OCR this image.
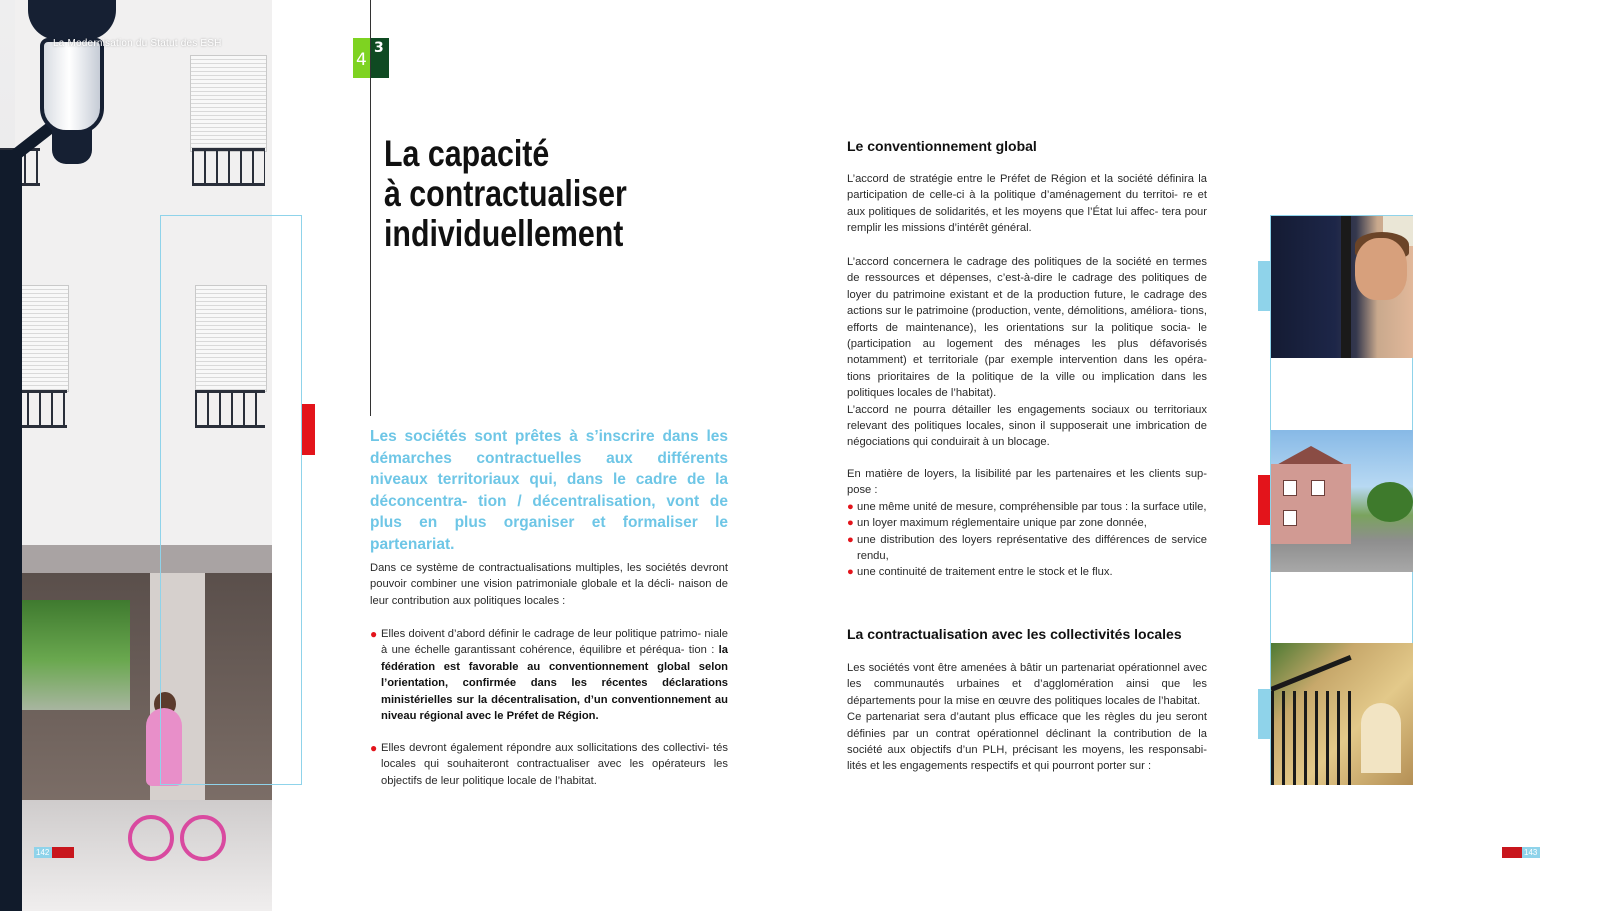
La Modernisation du Statut des ESH
4
3
La capacité
à contractualiser
individuellement

Les sociétés sont prêtes à s’inscrire dans les démarches contractuelles aux différents niveaux territoriaux qui, dans le cadre de la déconcentra- tion / décentralisation, vont de plus en plus organiser et formaliser le partenariat.

Dans ce système de contractualisations multiples, les sociétés devront pouvoir combiner une vision patrimoniale globale et la décli- naison de leur contribution aux politiques locales :

● Elles doivent d’abord définir le cadrage de leur politique patrimo- niale à une échelle garantissant cohérence, équilibre et péréqua- tion : la fédération est favorable au conventionnement global selon l’orientation, confirmée dans les récentes déclarations ministérielles sur la décentralisation, d’un conventionnement au niveau régional avec le Préfet de Région.
● Elles devront également répondre aux sollicitations des collectivi- tés locales qui souhaiteront contractualiser avec les opérateurs les objectifs de leur politique locale de l’habitat.
Le conventionnement global

L’accord de stratégie entre le Préfet de Région et la société définira la participation de celle-ci à la politique d’aménagement du territoi- re et aux politiques de solidarités, et les moyens que l’État lui affec- tera pour remplir les missions d’intérêt général.

L’accord concernera le cadrage des politiques de la société en termes de ressources et dépenses, c’est-à-dire le cadrage des politiques de loyer du patrimoine existant et de la production future, le cadrage des actions sur le patrimoine (production, vente, démolitions, améliora- tions, efforts de maintenance), les orientations sur la politique socia- le (participation au logement des ménages les plus défavorisés notamment) et territoriale (par exemple intervention dans les opéra- tions prioritaires de la politique de la ville ou implication dans les politiques locales de l’habitat).

L’accord ne pourra détailler les engagements sociaux ou territoriaux relevant des politiques locales, sinon il supposerait une imbrication de négociations qui conduirait à un blocage.

En matière de loyers, la lisibilité par les partenaires et les clients sup- pose :

● une même unité de mesure, compréhensible par tous : la surface utile,
● un loyer maximum réglementaire unique par zone donnée,
● une distribution des loyers représentative des différences de service rendu,
● une continuité de traitement entre le stock et le flux.
La contractualisation avec les collectivités locales

Les sociétés vont être amenées à bâtir un partenariat opérationnel avec les communautés urbaines et d’agglomération ainsi que les départements pour la mise en œuvre des politiques locales de l’habitat.

Ce partenariat sera d’autant plus efficace que les règles du jeu seront définies par un contrat opérationnel déclinant la contribution de la société aux objectifs d’un PLH, précisant les moyens, les responsabi- lités et les engagements respectifs et qui pourront porter sur :

142	143
